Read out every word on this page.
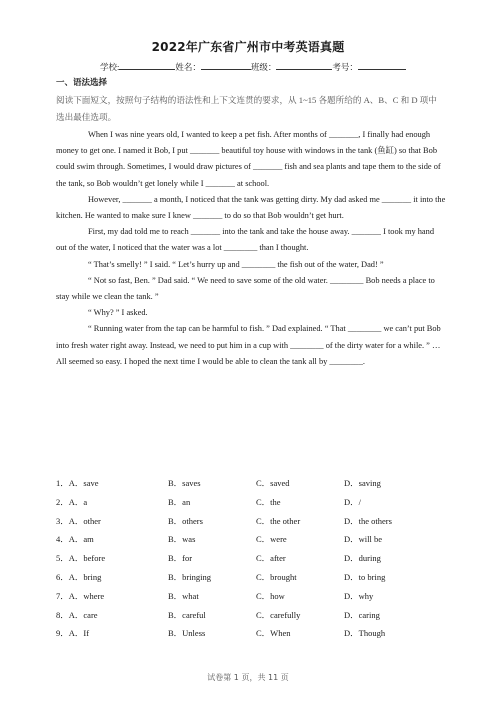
2022年广东省广州市中考英语真题
学校:	姓名：	班级：	考号：
一、语法选择
阅读下面短文，按照句子结构的语法性和上下文连贯的要求，从 1~15 各题所给的 A、B、C 和 D 项中选出最佳选项。

When I was nine years old, I wanted to keep a pet fish. After months of _______, I finally had enough money to get one. I named it Bob, I put _______ beautiful toy house with windows in the tank (鱼缸) so that Bob could swim through. Sometimes, I would draw pictures of _______ fish and sea plants and tape them to the side of the tank, so Bob wouldn’t get lonely while I _______ at school.

However, _______ a month, I noticed that the tank was getting dirty. My dad asked me _______ it into the kitchen. He wanted to make sure I knew _______ to do so that Bob wouldn’t get hurt.

First, my dad told me to reach _______ into the tank and take the house away. _______ I took my hand out of the water, I noticed that the water was a lot ________ than I thought.

“ That’s smelly! ” I said. “ Let’s hurry up and ________ the fish out of the water, Dad! ”

“ Not so fast, Ben. ” Dad said. “ We need to save some of the old water. ________ Bob needs a place to stay while we clean the tank. ”

“ Why? ” I asked.

“ Running water from the tap can be harmful to fish. ” Dad explained. “ That ________ we can’t put Bob into fresh water right away. Instead, we need to put him in a cup with ________ of the dirty water for a while. ” …

All seemed so easy. I hoped the next time I would be able to clean the tank all by ________.

1．A．save	B．saves	C．saved	D．saving
2．A．a	B．an	C．the	D．/
3．A．other	B．others	C．the other	D．the others
4．A．am	B．was	C．were	D．will be
5．A．before	B．for	C．after	D．during
6．A．bring	B．bringing	C．brought	D．to bring
7．A．where	B．what	C．how	D．why
8．A．care	B．careful	C．carefully	D．caring
9．A．If	B．Unless	C．When	D．Though
试卷第 1 页，共 11 页
